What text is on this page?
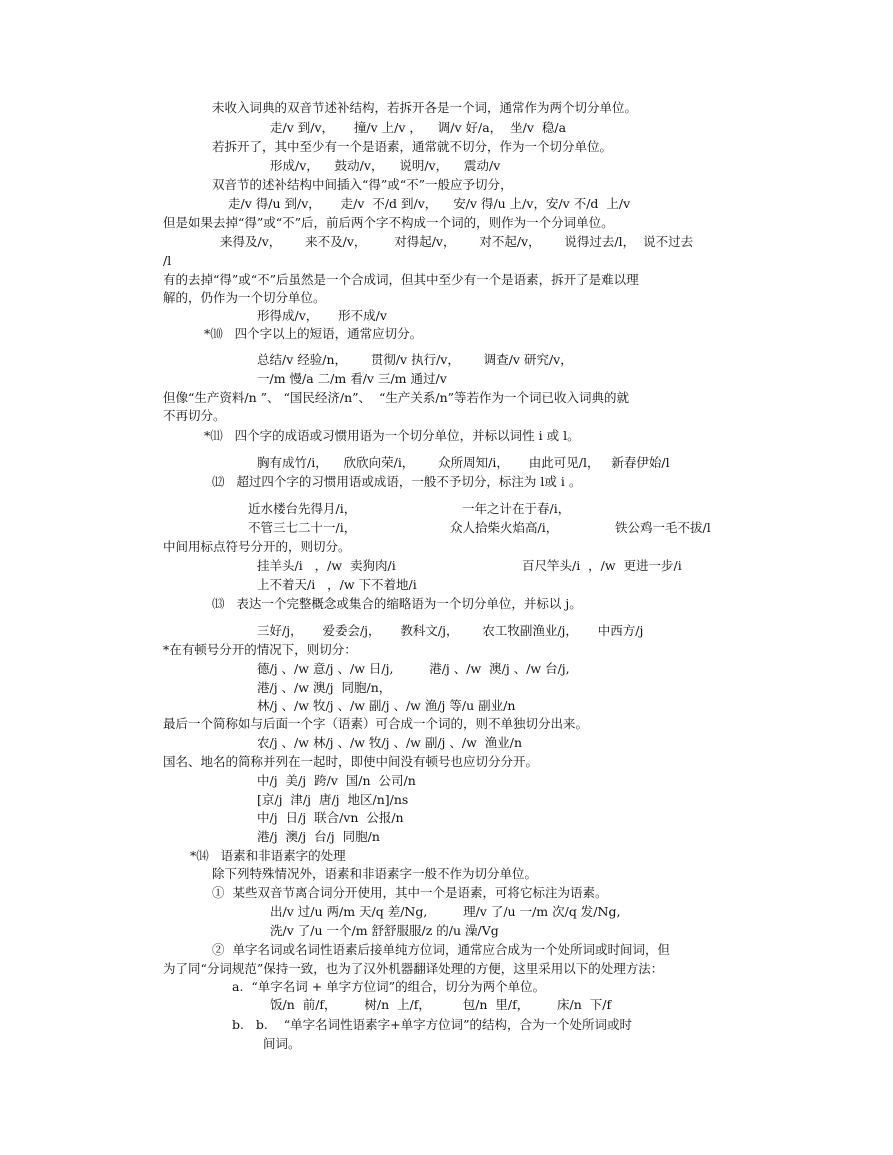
未收入词典的双音节述补结构，若拆开各是一个词，通常作为两个切分单位。
走/v 到/v，     撞/v 上/v ，    调/v 好/a，  坐/v  稳/a
若拆开了，其中至少有一个是语素，通常就不切分，作为一个切分单位。
形成/v，    鼓动/v，    说明/v，    震动/v
双音节的述补结构中间插入“得”或“不”一般应予切分，
走/v 得/u 到/v，     走/v  不/d 到/v，    安/v 得/u 上/v，安/v 不/d  上/v
但是如果去掉“得”或“不”后，前后两个字不构成一个词的，则作为一个分词单位。
来得及/v，      来不及/v，       对得起/v，      对不起/v，      说得过去/l，  说不过去
/l
有的去掉“得”或“不”后虽然是一个合成词，但其中至少有一个是语素，拆开了是难以理
解的，仍作为一个切分单位。
形得成/v，     形不成/v
*⑽   四个字以上的短语，通常应切分。
总结/v 经验/n，      贯彻/v 执行/v，      调查/v 研究/v，
一/m 慢/a 二/m 看/v 三/m 通过/v
但像“生产资料/n ”、 “国民经济/n”、  “生产关系/n”等若作为一个词已收入词典的就
不再切分。
*⑾   四个字的成语或习惯用语为一个切分单位，并标以词性 i 或 l。
胸有成竹/i，    欣欣向荣/i，      众所周知/i，     由此可见/l，   新春伊始/l
⑿   超过四个字的习惯用语或成语，一般不予切分，标注为 l或 i 。
近水楼台先得月/i，	一年之计在于春/i，
不管三七二十一/i，	众人拾柴火焰高/i，	铁公鸡一毛不拔/l
中间用标点符号分开的，则切分。
挂羊头/i   ，/w  卖狗肉/i	百尺竿头/i  ，/w  更进一步/i
上不着天/i   ，/w 下不着地/i
⒀   表达一个完整概念或集合的缩略语为一个切分单位，并标以 j。
三好/j，     爱委会/j，     教科文/j，      农工牧副渔业/j，     中西方/j
*在有顿号分开的情况下，则切分：
德/j 、/w 意/j 、/w 日/j,         港/j 、/w  澳/j 、/w 台/j,
港/j 、/w 澳/j  同胞/n，
林/j 、/w 牧/j 、/w 副/j 、/w 渔/j 等/u 副业/n
最后一个简称如与后面一个字（语素）可合成一个词的，则不单独切分出来。
农/j 、/w 林/j 、/w 牧/j 、/w 副/j 、/w  渔业/n
国名、地名的简称并列在一起时，即使中间没有顿号也应切分分开。
中/j  美/j  跨/v  国/n  公司/n
[京/j  津/j  唐/j  地区/n]/ns
中/j  日/j  联合/vn  公报/n
港/j  澳/j  台/j  同胞/n
*⒁   语素和非语素字的处理
除下列特殊情况外，语素和非语素字一般不作为切分单位。
①  某些双音节离合词分开使用，其中一个是语素，可将它标注为语素。
出/v 过/u 两/m 天/q 差/Ng,         理/v 了/u 一/m 次/q 发/Ng,
洗/v 了/u 一个/m 舒舒服服/z 的/u 澡/Vg
②  单字名词或名词性语素后接单纯方位词，通常应合成为一个处所词或时间词，但
为了同“分词规范”保持一致，也为了汉外机器翻译处理的方便，这里采用以下的处理方法：
a.  “单字名词 + 单字方位词”的组合，切分为两个单位。
饭/n  前/f，       树/n  上/f，        包/n  里/f，       床/n  下/f
b.   b.    “单字名词性语素字+单字方位词”的结构，合为一个处所词或时
间词。
